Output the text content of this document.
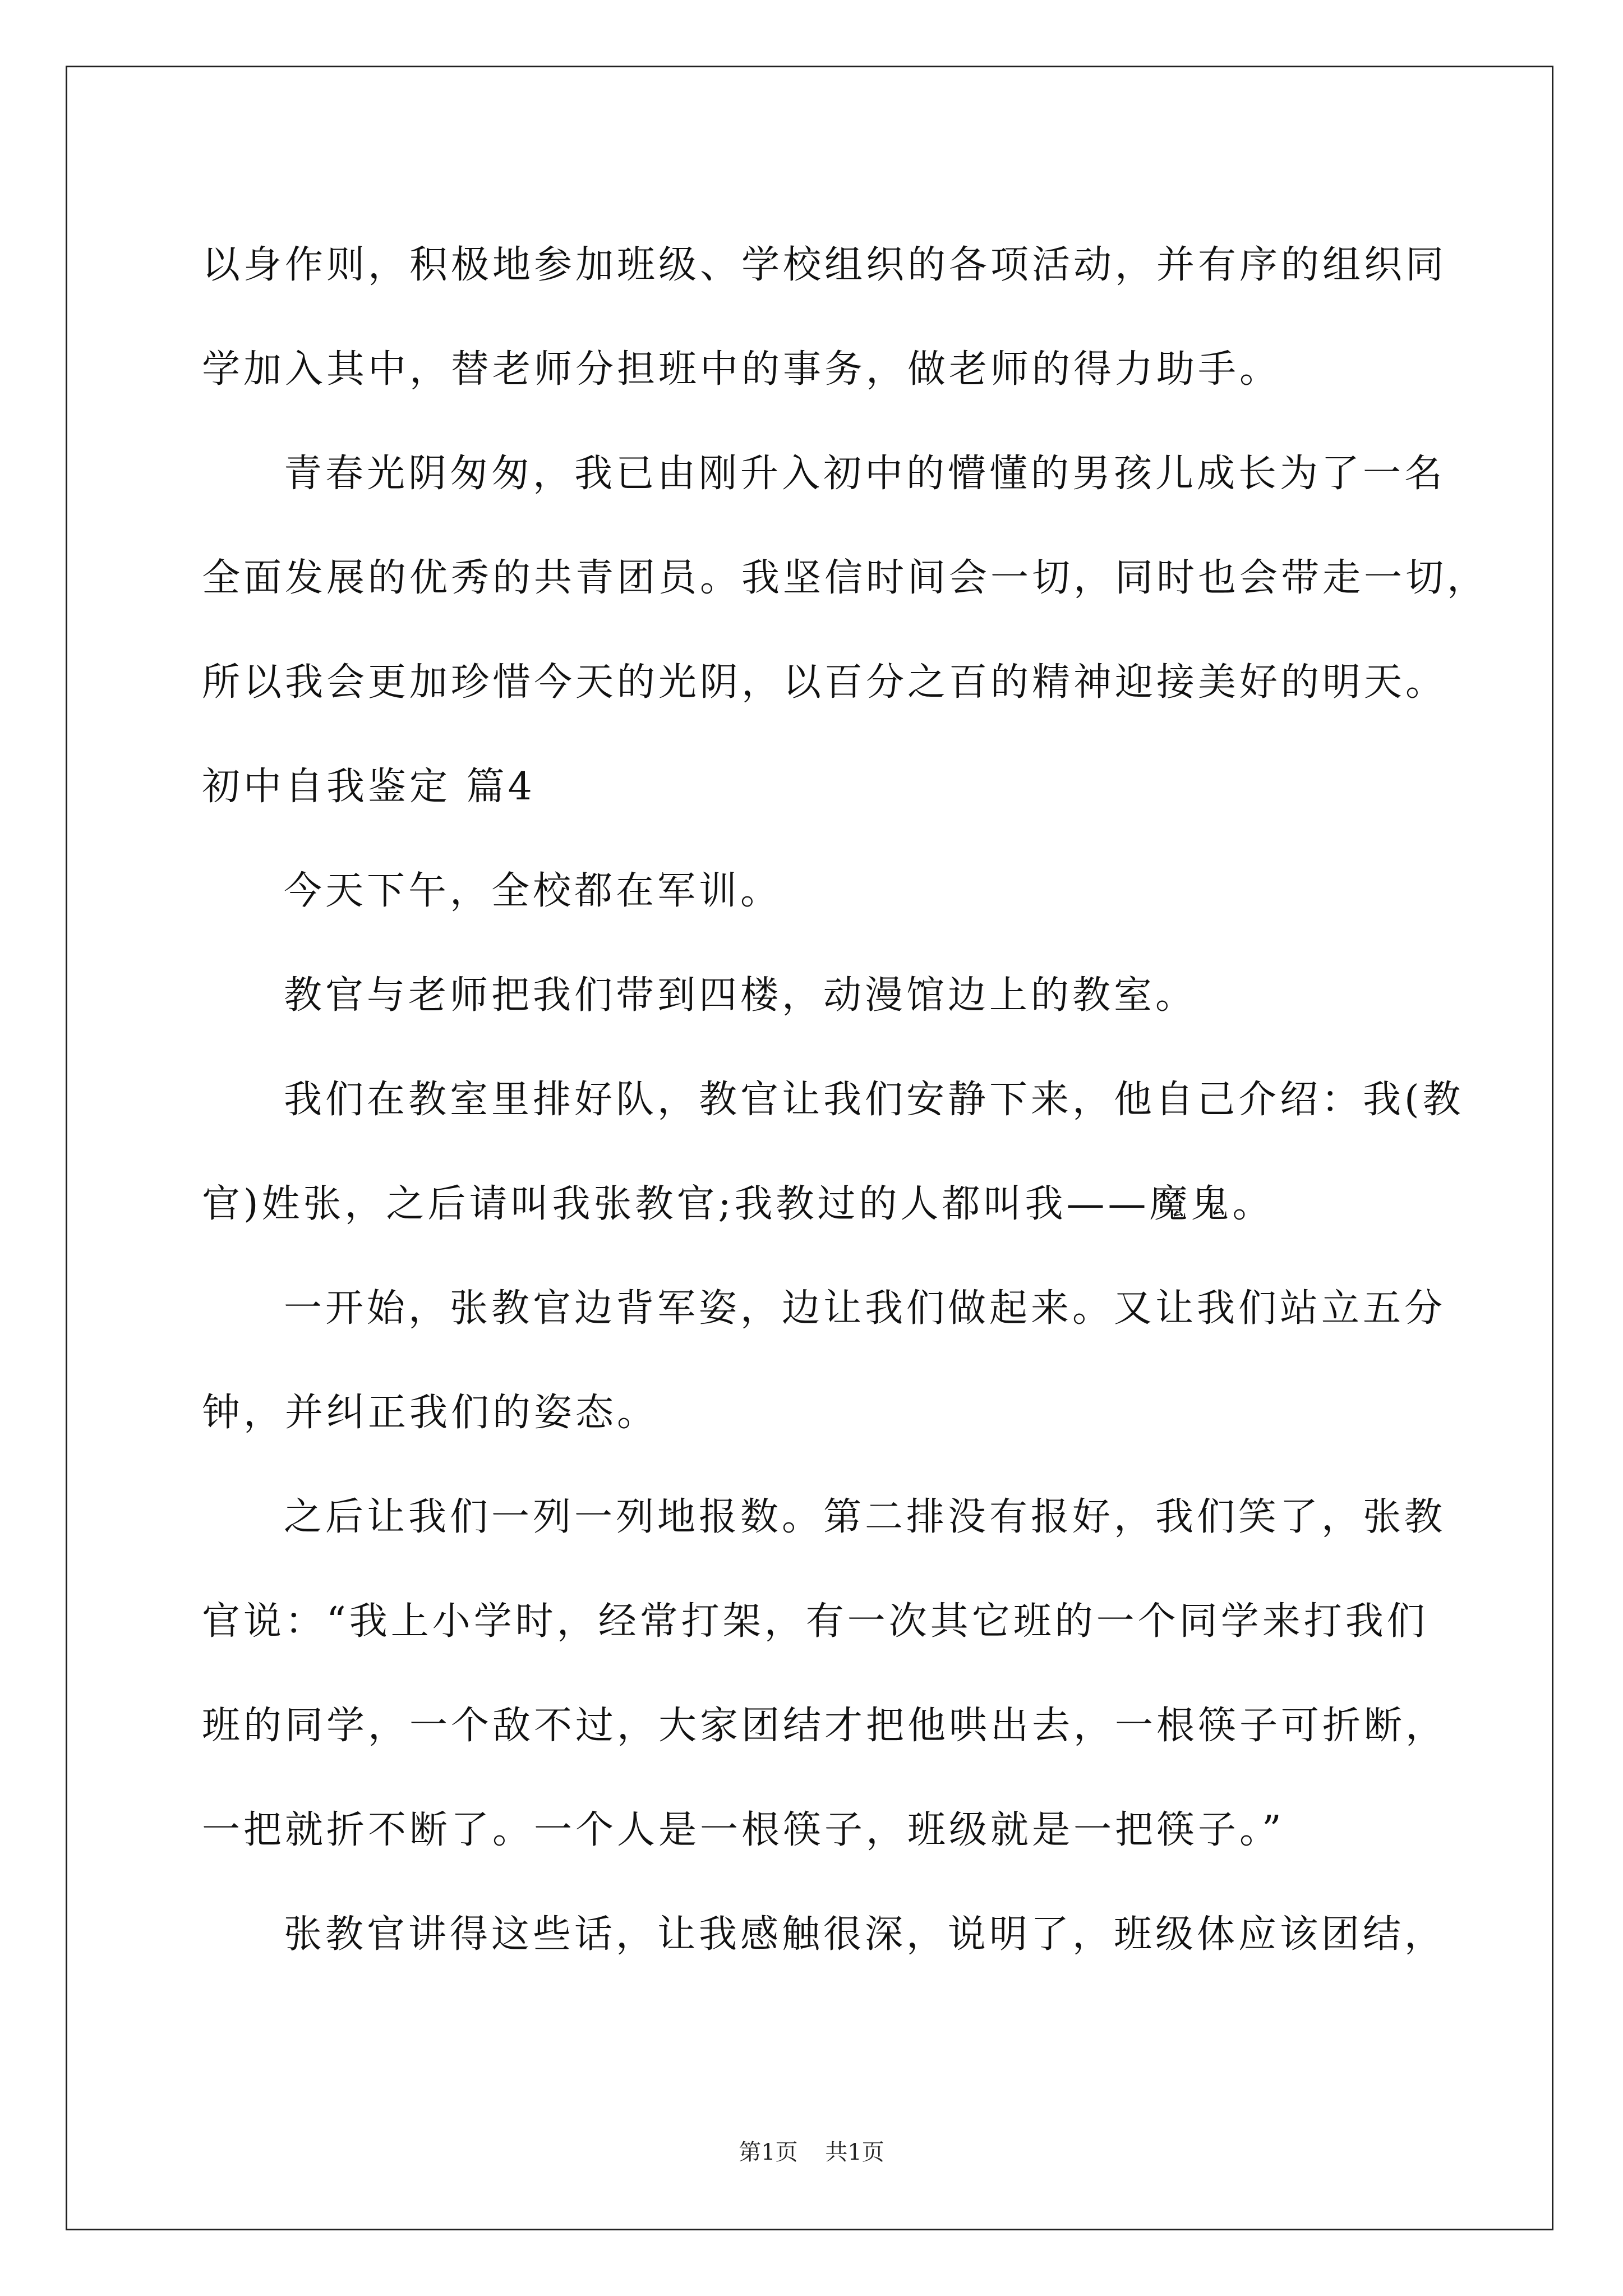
以身作则，积极地参加班级、学校组织的各项活动，并有序的组织同
学加入其中，替老师分担班中的事务，做老师的得力助手。
青春光阴匆匆，我已由刚升入初中的懵懂的男孩儿成长为了一名
全面发展的优秀的共青团员。我坚信时间会一切，同时也会带走一切，
所以我会更加珍惜今天的光阴，以百分之百的精神迎接美好的明天。
初中自我鉴定 篇4
今天下午，全校都在军训。
教官与老师把我们带到四楼，动漫馆边上的教室。
我们在教室里排好队，教官让我们安静下来，他自己介绍：我(教
官)姓张，之后请叫我张教官;我教过的人都叫我——魔鬼。
一开始，张教官边背军姿，边让我们做起来。又让我们站立五分
钟，并纠正我们的姿态。
之后让我们一列一列地报数。第二排没有报好，我们笑了，张教
官说：“我上小学时，经常打架，有一次其它班的一个同学来打我们
班的同学，一个敌不过，大家团结才把他哄出去，一根筷子可折断，
一把就折不断了。一个人是一根筷子，班级就是一把筷子。”
张教官讲得这些话，让我感触很深，说明了，班级体应该团结，
第1页 共1页
